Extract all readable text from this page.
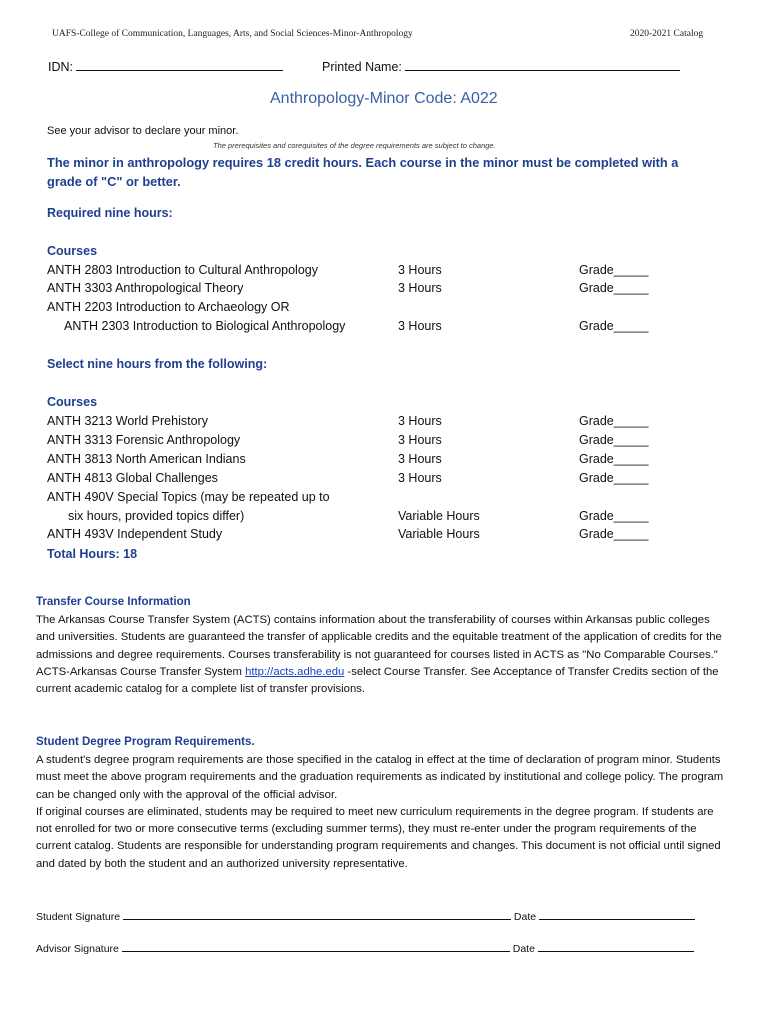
UAFS-College of Communication, Languages, Arts, and Social Sciences-Minor-Anthropology	2020-2021 Catalog
IDN:	Printed Name:
Anthropology-Minor Code: A022
See your advisor to declare your minor.
The prerequisites and corequisites of the degree requirements are subject to change.
The minor in anthropology requires 18 credit hours. Each course in the minor must be completed with a
grade of "C" or better.
Required nine hours:
Courses
ANTH 2803 Introduction to Cultural Anthropology	3 Hours	Grade_____
ANTH 3303 Anthropological Theory	3 Hours	Grade_____
ANTH 2203 Introduction to Archaeology OR
ANTH 2303 Introduction to Biological Anthropology	3 Hours	Grade_____
Select nine hours from the following:
Courses
ANTH 3213 World Prehistory	3 Hours	Grade_____
ANTH 3313 Forensic Anthropology	3 Hours	Grade_____
ANTH 3813 North American Indians	3 Hours	Grade_____
ANTH 4813 Global Challenges	3 Hours	Grade_____
ANTH 490V Special Topics (may be repeated up to
six hours, provided topics differ)	Variable Hours	Grade_____
ANTH 493V Independent Study	Variable Hours	Grade_____
Total Hours: 18
Transfer Course Information
The Arkansas Course Transfer System (ACTS) contains information about the transferability of courses within Arkansas public colleges and universities. Students are guaranteed the transfer of applicable credits and the equitable treatment of the application of credits for the admissions and degree requirements. Courses transferability is not guaranteed for courses listed in ACTS as "No Comparable Courses." ACTS-Arkansas Course Transfer System http://acts.adhe.edu -select Course Transfer. See Acceptance of Transfer Credits section of the current academic catalog for a complete list of transfer provisions.
Student Degree Program Requirements.

A student's degree program requirements are those specified in the catalog in effect at the time of declaration of program minor. Students must meet the above program requirements and the graduation requirements as indicated by institutional and college policy. The program can be changed only with the approval of the official advisor.

If original courses are eliminated, students may be required to meet new curriculum requirements in the degree program. If students are not enrolled for two or more consecutive terms (excluding summer terms), they must re-enter under the program requirements of the current catalog. Students are responsible for understanding program requirements and changes. This document is not official until signed and dated by both the student and an authorized university representative.

Student Signature	Date
Advisor Signature	Date
